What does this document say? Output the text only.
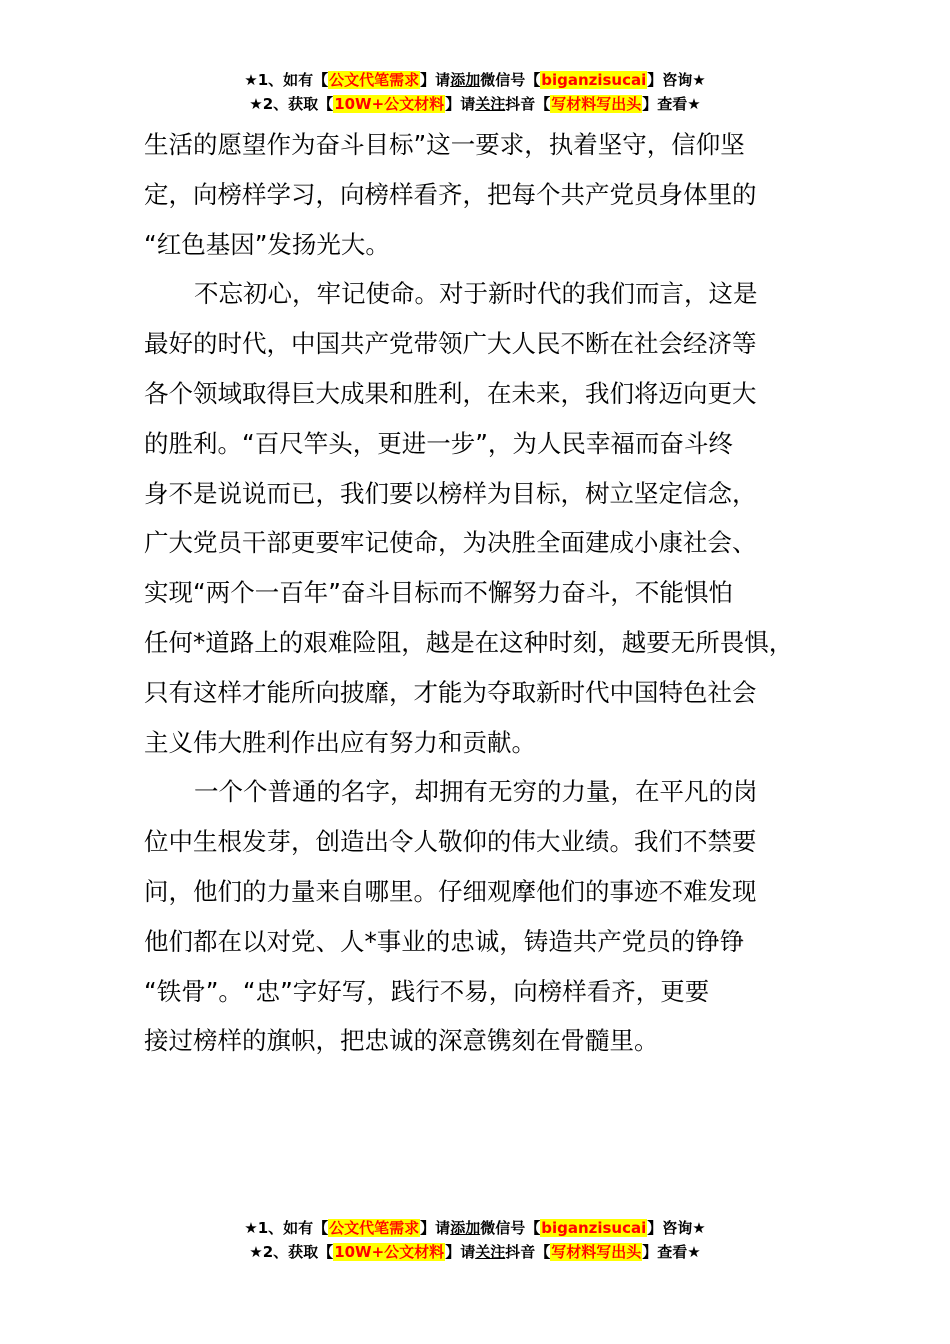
★1、如有【公文代笔需求】请添加微信号【biganzisucai】咨询★
★2、获取【10W+公文材料】请关注抖音【写材料写出头】查看★
生活的愿望作为奋斗目标”这一要求，执着坚守，信仰坚
定，向榜样学习，向榜样看齐，把每个共产党员身体里的
“红色基因”发扬光大。
不忘初心，牢记使命。对于新时代的我们而言，这是
最好的时代，中国共产党带领广大人民不断在社会经济等
各个领域取得巨大成果和胜利，在未来，我们将迈向更大
的胜利。“百尺竿头，更进一步”，为人民幸福而奋斗终
身不是说说而已，我们要以榜样为目标，树立坚定信念，
广大党员干部更要牢记使命，为决胜全面建成小康社会、
实现“两个一百年”奋斗目标而不懈努力奋斗，不能惧怕
任何*道路上的艰难险阻，越是在这种时刻，越要无所畏惧，
只有这样才能所向披靡，才能为夺取新时代中国特色社会
主义伟大胜利作出应有努力和贡献。
一个个普通的名字，却拥有无穷的力量，在平凡的岗
位中生根发芽，创造出令人敬仰的伟大业绩。我们不禁要
问，他们的力量来自哪里。仔细观摩他们的事迹不难发现
他们都在以对党、人*事业的忠诚，铸造共产党员的铮铮
“铁骨”。“忠”字好写，践行不易，向榜样看齐，更要
接过榜样的旗帜，把忠诚的深意镌刻在骨髓里。
★1、如有【公文代笔需求】请添加微信号【biganzisucai】咨询★
★2、获取【10W+公文材料】请关注抖音【写材料写出头】查看★
